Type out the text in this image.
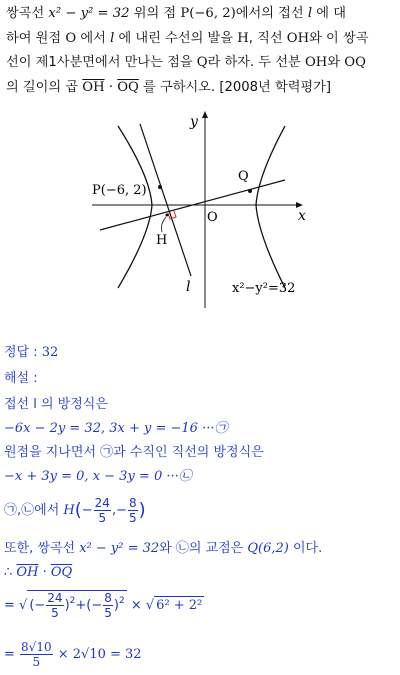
쌍곡선 x² − y² = 32 위의 점 P(−6, 2)에서의 접선 l 에 대
하여 원점 O 에서 l 에 내린 수선의 발을 H, 직선 OH와 이 쌍곡
선이 제1사분면에서 만나는 점을 Q라 하자. 두 선분 OH와 OQ
의 길이의 곱 $\overline{OH} \cdot \overline{OQ}$ 를 구하시오. [2008년 학력평가]
y
x
O
P(−6, 2)
Q
H
l	x²−y²=32
정답 : 32
해설 :
접선 l 의 방정식은
−6x − 2y = 32, 3x + y = −16 ···㉠
원점을 지나면서 ㉠과 수직인 직선의 방정식은
−x + 3y = 0, x − 3y = 0 ···㉡
㉠,㉡에서 $H(- \frac{24}{5}$ ,− $\frac{8}{5}$ )
또한, 쌍곡선 x² − y² = 32와 ㉡의 교점은 Q(6,2) 이다.
∴ $\overline{OH} \cdot \overline{OQ}$
= √ (− $\frac{24}{5} )^2+(- \frac{8}{5} )^2$ × √ 6² + 2²
= $\frac{8√10}{5} \times 2√10 = 32$
